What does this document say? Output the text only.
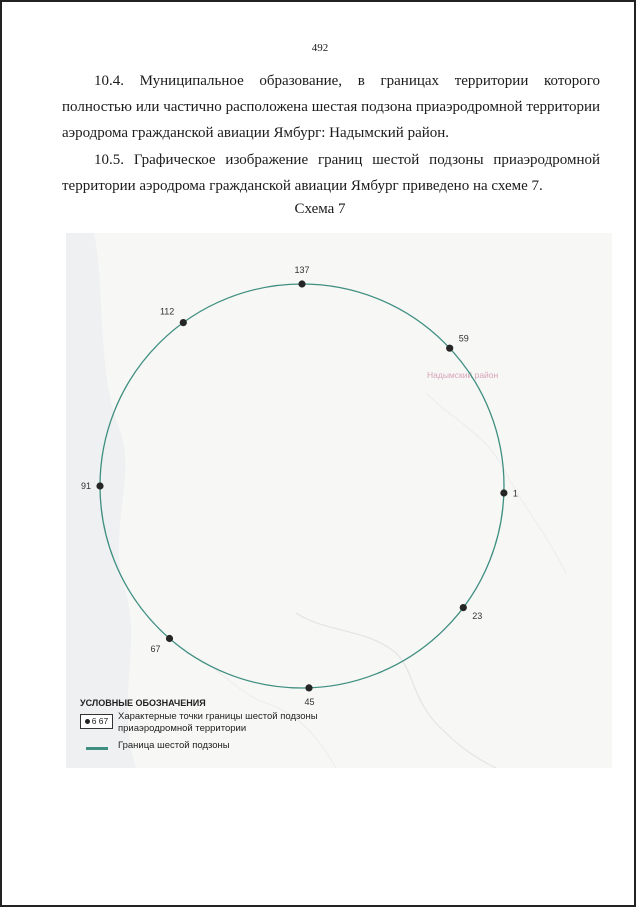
492

10.4. Муниципальное образование, в границах территории которого полностью или частично расположена шестая подзона приаэродромной территории аэродрома гражданской авиации Ямбург: Надымский район.

10.5. Графическое изображение границ шестой подзоны приаэродромной территории аэродрома гражданской авиации Ямбург приведено на схеме 7.

Схема 7
Надымский район
137
59
1
23
45
67
91
112
УСЛОВНЫЕ ОБОЗНАЧЕНИЯ
6 67	Характерные точки границы шестой подзоны приаэродромной территории
Граница шестой подзоны
